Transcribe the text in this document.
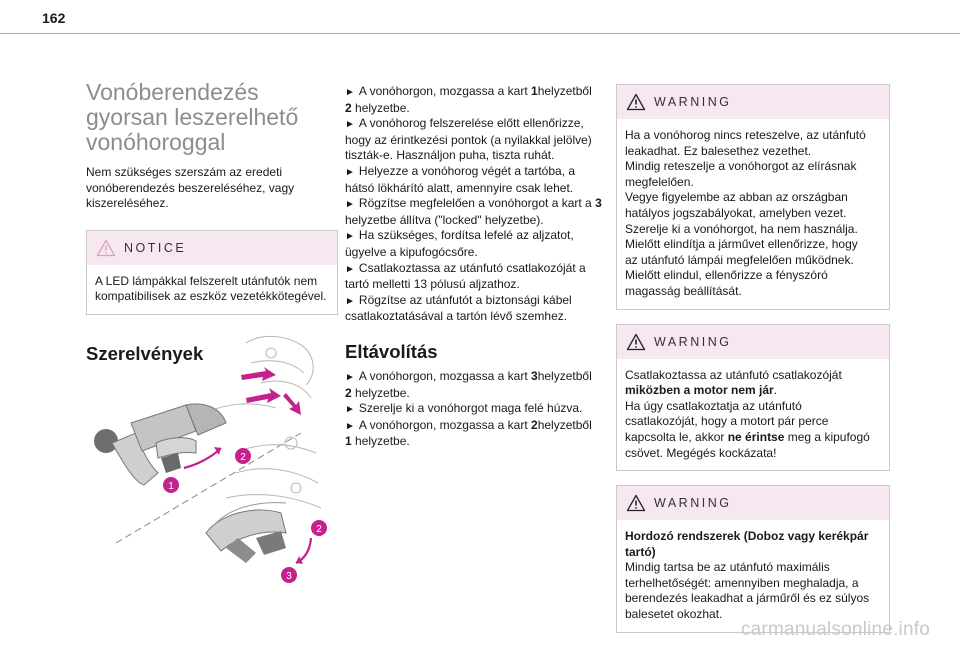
162
Vonóberendezés
gyorsan leszerelhető
vonóhoroggal
Nem szükséges szerszám az eredeti
vonóberendezés beszereléséhez, vagy
kiszereléséhez.
NOTICE
A LED lámpákkal felszerelt utánfutók nem
kompatibilisek az eszköz vezetékkötegével.
Szerelvények
1
2
2
3
► A vonóhorgon, mozgassa a kart 1helyzetből
2 helyzetbe.
► A vonóhorog felszerelése előtt ellenőrizze,
hogy az érintkezési pontok (a nyilakkal jelölve)
tiszták-e. Használjon puha, tiszta ruhát.
► Helyezze a vonóhorog végét a tartóba, a
hátsó lökhárító alatt, amennyire csak lehet.
► Rögzítse megfelelően a vonóhorgot a kart a 3
helyzetbe állítva ("locked" helyzetbe).
► Ha szükséges, fordítsa lefelé az aljzatot,
ügyelve a kipufogócsőre.
► Csatlakoztassa az utánfutó csatlakozóját a
tartó melletti 13 pólusú aljzathoz.
► Rögzítse az utánfutót a biztonsági kábel
csatlakoztatásával a tartón lévő szemhez.
Eltávolítás
► A vonóhorgon, mozgassa a kart 3helyzetből
2 helyzetbe.
► Szerelje ki a vonóhorgot maga felé húzva.
► A vonóhorgon, mozgassa a kart 2helyzetből
1 helyzetbe.
WARNING
Ha a vonóhorog nincs reteszelve, az utánfutó
leakadhat. Ez balesethez vezethet.
Mindig reteszelje a vonóhorgot az elírásnak
megfelelően.
Vegye figyelembe az abban az országban
hatályos jogszabályokat, amelyben vezet.
Szerelje ki a vonóhorgot, ha nem használja.
Mielőtt elindítja a járművet ellenőrizze, hogy
az utánfutó lámpái megfelelően működnek.
Mielőtt elindul, ellenőrizze a fényszóró
magasság beállítását.
WARNING
Csatlakoztassa az utánfutó csatlakozóját
miközben a motor nem jár.
Ha úgy csatlakoztatja az utánfutó
csatlakozóját, hogy a motort pár perce
kapcsolta le, akkor ne érintse meg a kipufogó
csövet. Megégés kockázata!
WARNING
Hordozó rendszerek (Doboz vagy kerékpár
tartó)
Mindig tartsa be az utánfutó maximális
terhelhetőségét: amennyiben meghaladja, a
berendezés leakadhat a járműről és ez súlyos
balesetet okozhat.
carmanualsonline.info
